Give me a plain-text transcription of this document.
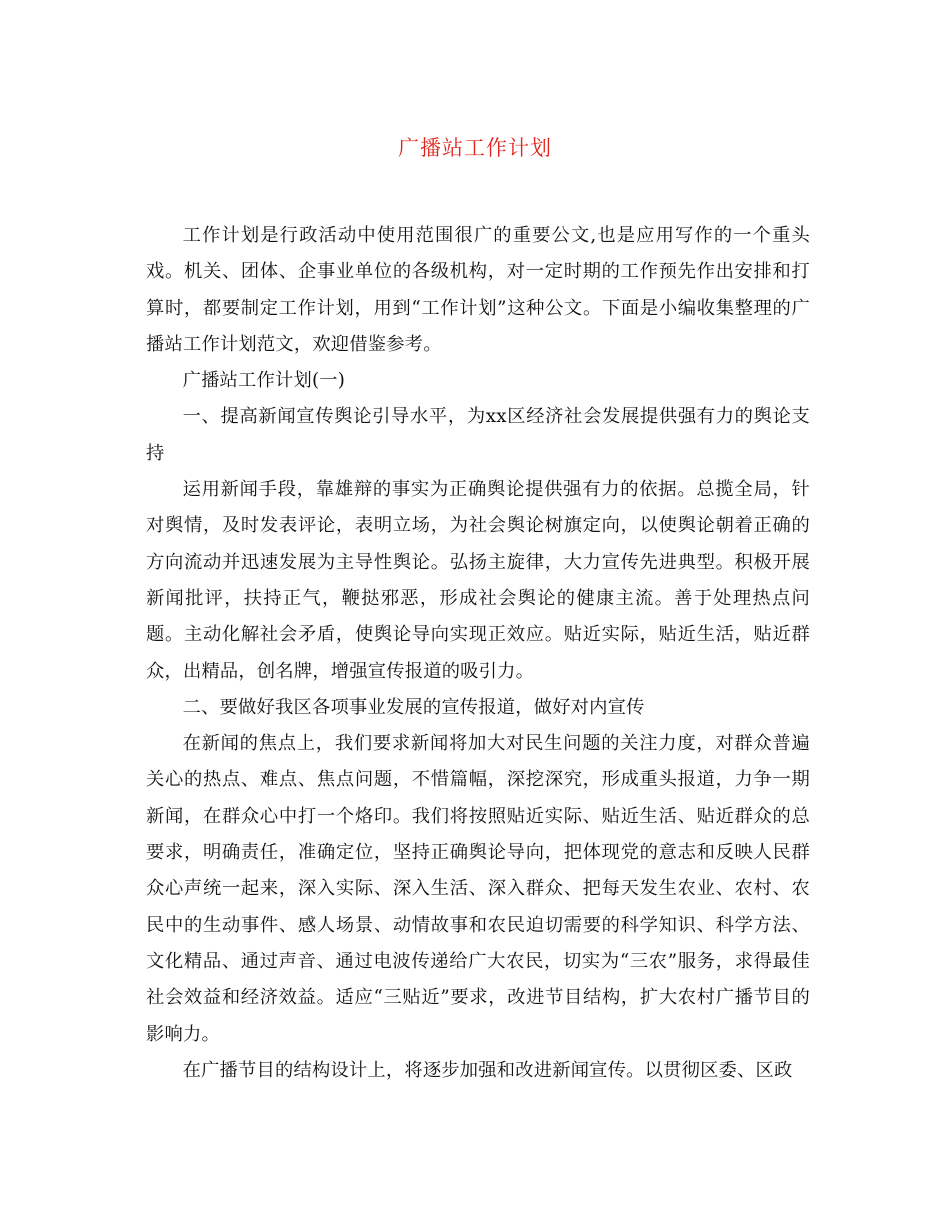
广播站工作计划

工作计划是行政活动中使用范围很广的重要公文,也是应用写作的一个重头戏。机关、团体、企事业单位的各级机构，对一定时期的工作预先作出安排和打算时，都要制定工作计划，用到“工作计划”这种公文。下面是小编收集整理的广播站工作计划范文，欢迎借鉴参考。

广播站工作计划(一)

一、提高新闻宣传舆论引导水平，为xx区经济社会发展提供强有力的舆论支持

运用新闻手段，靠雄辩的事实为正确舆论提供强有力的依据。总揽全局，针对舆情，及时发表评论，表明立场，为社会舆论树旗定向，以使舆论朝着正确的方向流动并迅速发展为主导性舆论。弘扬主旋律，大力宣传先进典型。积极开展新闻批评，扶持正气，鞭挞邪恶，形成社会舆论的健康主流。善于处理热点问题。主动化解社会矛盾，使舆论导向实现正效应。贴近实际，贴近生活，贴近群众，出精品，创名牌，增强宣传报道的吸引力。

二、要做好我区各项事业发展的宣传报道，做好对内宣传

在新闻的焦点上，我们要求新闻将加大对民生问题的关注力度，对群众普遍关心的热点、难点、焦点问题，不惜篇幅，深挖深究，形成重头报道，力争一期新闻，在群众心中打一个烙印。我们将按照贴近实际、贴近生活、贴近群众的总要求，明确责任，准确定位，坚持正确舆论导向，把体现党的意志和反映人民群众心声统一起来，深入实际、深入生活、深入群众、把每天发生农业、农村、农民中的生动事件、感人场景、动情故事和农民迫切需要的科学知识、科学方法、文化精品、通过声音、通过电波传递给广大农民，切实为“三农”服务，求得最佳社会效益和经济效益。适应“三贴近”要求，改进节目结构，扩大农村广播节目的影响力。

在广播节目的结构设计上，将逐步加强和改进新闻宣传。以贯彻区委、区政
